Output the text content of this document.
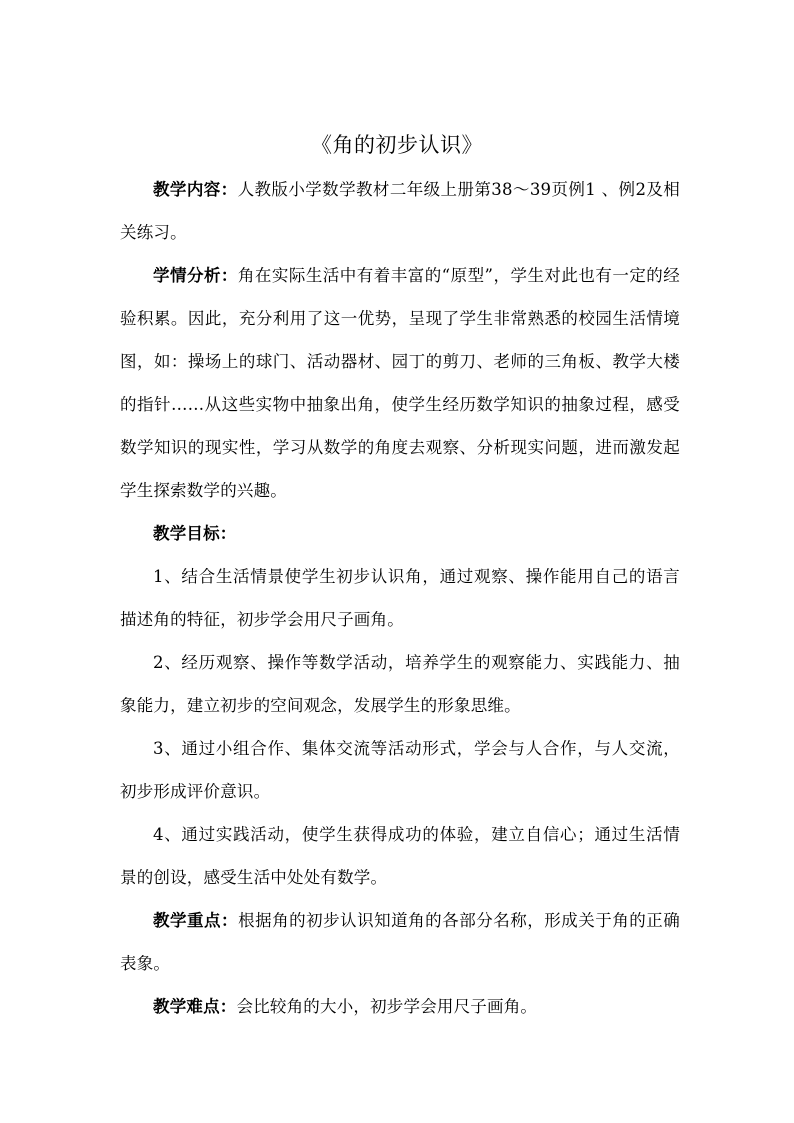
《角的初步认识》

教学内容：人教版小学数学教材二年级上册第38～39页例1 、例2及相关练习。

学情分析：角在实际生活中有着丰富的“原型”，学生对此也有一定的经验积累。因此，充分利用了这一优势，呈现了学生非常熟悉的校园生活情境图，如：操场上的球门、活动器材、园丁的剪刀、老师的三角板、教学大楼的指针……从这些实物中抽象出角，使学生经历数学知识的抽象过程，感受数学知识的现实性，学习从数学的角度去观察、分析现实问题，进而激发起学生探索数学的兴趣。

教学目标：

1、结合生活情景使学生初步认识角，通过观察、操作能用自己的语言描述角的特征，初步学会用尺子画角。

2、经历观察、操作等数学活动，培养学生的观察能力、实践能力、抽象能力，建立初步的空间观念，发展学生的形象思维。

3、通过小组合作、集体交流等活动形式，学会与人合作，与人交流，初步形成评价意识。

4、通过实践活动，使学生获得成功的体验，建立自信心；通过生活情景的创设，感受生活中处处有数学。

教学重点：根据角的初步认识知道角的各部分名称，形成关于角的正确表象。

教学难点：会比较角的大小，初步学会用尺子画角。
